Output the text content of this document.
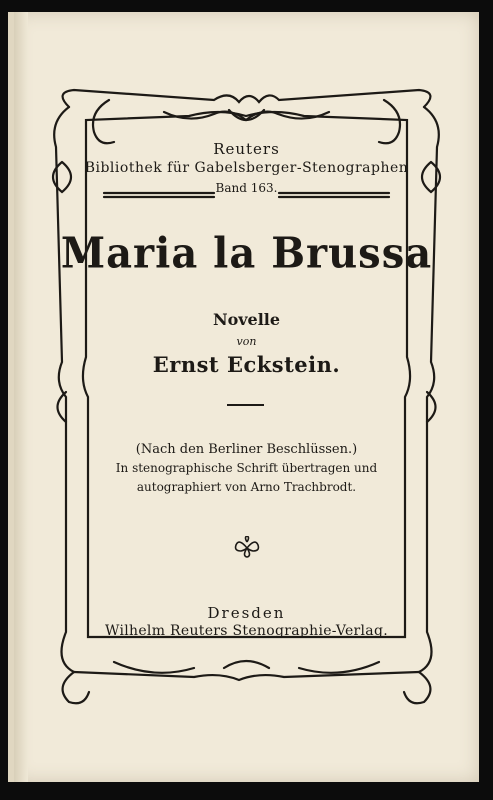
Reuters
Bibliothek für Gabelsberger-Stenographen
Band 163.
Maria la Brussa
Novelle
von
Ernst Eckstein.
(Nach den Berliner Beschlüssen.)
In stenographische Schrift übertragen und
autographiert von Arno Trachbrodt.
Dresden
Wilhelm Reuters Stenographie-Verlag.
